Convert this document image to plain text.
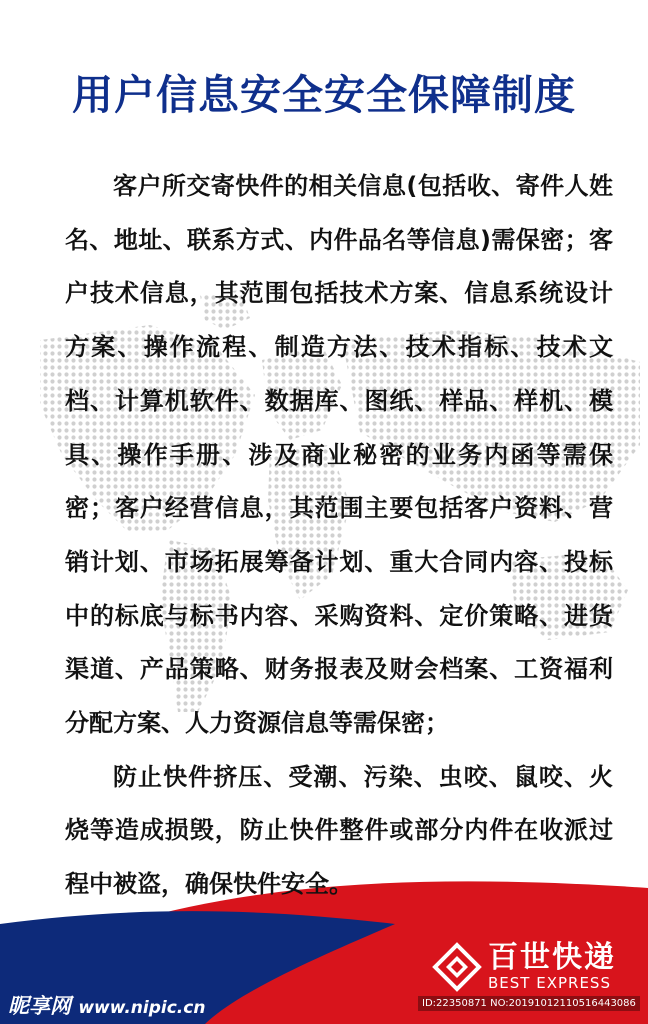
用户信息安全安全保障制度

客户所交寄快件的相关信息(包括收、寄件人姓名、地址、联系方式、内件品名等信息)需保密；客户技术信息，其范围包括技术方案、信息系统设计方案、操作流程、制造方法、技术指标、技术文档、计算机软件、数据库、图纸、样品、样机、模具、操作手册、涉及商业秘密的业务内函等需保密；客户经营信息，其范围主要包括客户资料、营销计划、市场拓展筹备计划、重大合同内容、投标中的标底与标书内容、采购资料、定价策略、进货渠道、产品策略、财务报表及财会档案、工资福利分配方案、人力资源信息等需保密；

防止快件挤压、受潮、污染、虫咬、鼠咬、火烧等造成损毁，防止快件整件或部分内件在收派过程中被盗，确保快件安全。

百世快递
BEST EXPRESS
昵享网 www.nipic.cn	ID:22350871 NO:20191012110516443086
